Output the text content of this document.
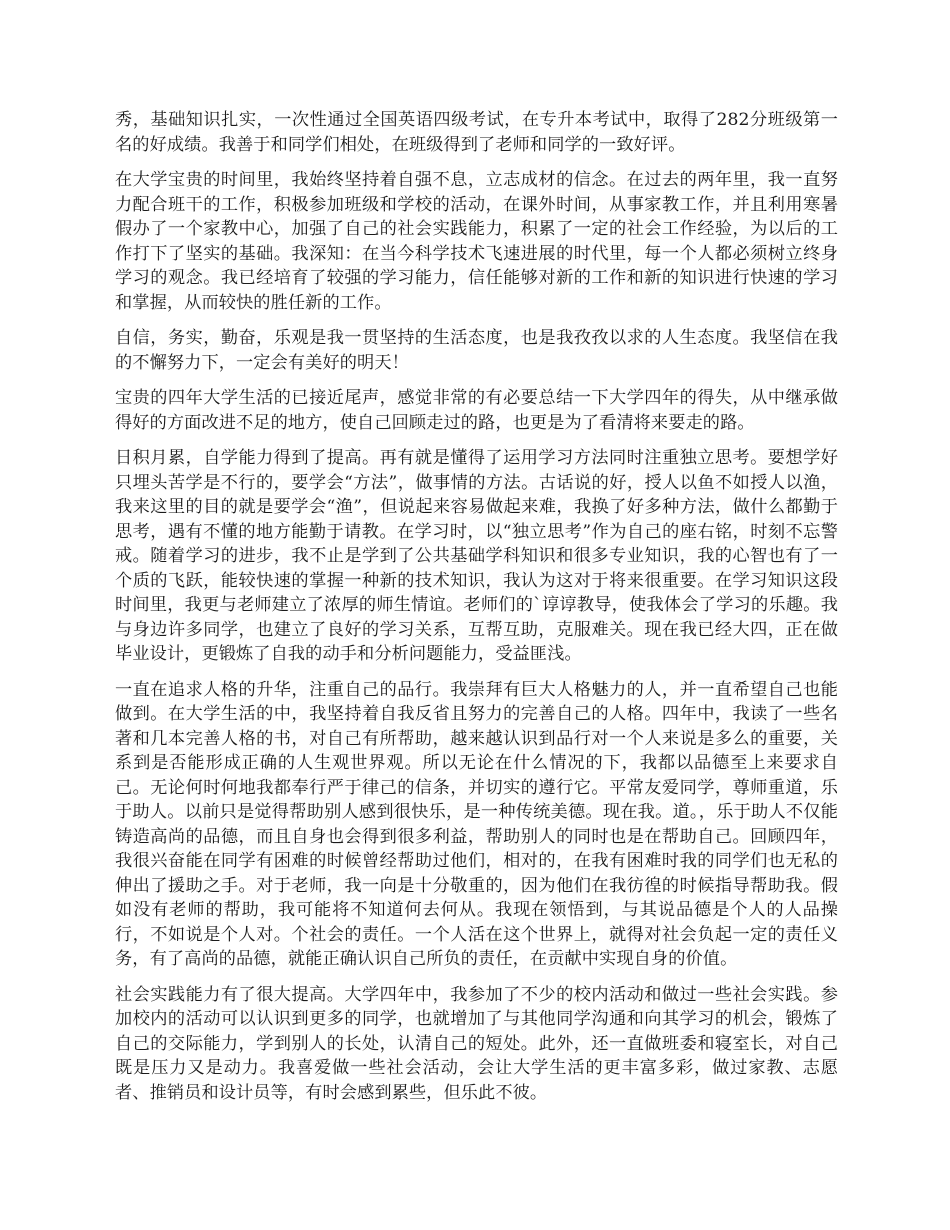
秀，基础知识扎实，一次性通过全国英语四级考试，在专升本考试中，取得了282分班级第一名的好成绩。我善于和同学们相处，在班级得到了老师和同学的一致好评。

在大学宝贵的时间里，我始终坚持着自强不息，立志成材的信念。在过去的两年里，我一直努力配合班干的工作，积极参加班级和学校的活动，在课外时间，从事家教工作，并且利用寒暑假办了一个家教中心，加强了自己的社会实践能力，积累了一定的社会工作经验，为以后的工作打下了坚实的基础。我深知：在当今科学技术飞速进展的时代里，每一个人都必须树立终身学习的观念。我已经培育了较强的学习能力，信任能够对新的工作和新的知识进行快速的学习和掌握，从而较快的胜任新的工作。

自信，务实，勤奋，乐观是我一贯坚持的生活态度，也是我孜孜以求的人生态度。我坚信在我的不懈努力下，一定会有美好的明天！

宝贵的四年大学生活的已接近尾声，感觉非常的有必要总结一下大学四年的得失，从中继承做得好的方面改进不足的地方，使自己回顾走过的路，也更是为了看清将来要走的路。

日积月累，自学能力得到了提高。再有就是懂得了运用学习方法同时注重独立思考。要想学好只埋头苦学是不行的，要学会“方法”，做事情的方法。古话说的好，授人以鱼不如授人以渔，我来这里的目的就是要学会“渔”，但说起来容易做起来难，我换了好多种方法，做什么都勤于思考，遇有不懂的地方能勤于请教。在学习时，以“独立思考”作为自己的座右铭，时刻不忘警戒。随着学习的进步，我不止是学到了公共基础学科知识和很多专业知识，我的心智也有了一个质的飞跃，能较快速的掌握一种新的技术知识，我认为这对于将来很重要。在学习知识这段时间里，我更与老师建立了浓厚的师生情谊。老师们的`谆谆教导，使我体会了学习的乐趣。我与身边许多同学，也建立了良好的学习关系，互帮互助，克服难关。现在我已经大四，正在做毕业设计，更锻炼了自我的动手和分析问题能力，受益匪浅。

一直在追求人格的升华，注重自己的品行。我崇拜有巨大人格魅力的人，并一直希望自己也能做到。在大学生活的中，我坚持着自我反省且努力的完善自己的人格。四年中，我读了一些名著和几本完善人格的书，对自己有所帮助，越来越认识到品行对一个人来说是多么的重要，关系到是否能形成正确的人生观世界观。所以无论在什么情况的下，我都以品德至上来要求自己。无论何时何地我都奉行严于律己的信条，并切实的遵行它。平常友爱同学，尊师重道，乐于助人。以前只是觉得帮助别人感到很快乐，是一种传统美德。现在我。道。，乐于助人不仅能铸造高尚的品德，而且自身也会得到很多利益，帮助别人的同时也是在帮助自己。回顾四年，我很兴奋能在同学有困难的时候曾经帮助过他们，相对的，在我有困难时我的同学们也无私的伸出了援助之手。对于老师，我一向是十分敬重的，因为他们在我彷徨的时候指导帮助我。假如没有老师的帮助，我可能将不知道何去何从。我现在领悟到，与其说品德是个人的人品操行，不如说是个人对。个社会的责任。一个人活在这个世界上，就得对社会负起一定的责任义务，有了高尚的品德，就能正确认识自己所负的责任，在贡献中实现自身的价值。

社会实践能力有了很大提高。大学四年中，我参加了不少的校内活动和做过一些社会实践。参加校内的活动可以认识到更多的同学，也就增加了与其他同学沟通和向其学习的机会，锻炼了自己的交际能力，学到别人的长处，认清自己的短处。此外，还一直做班委和寝室长，对自己既是压力又是动力。我喜爱做一些社会活动，会让大学生活的更丰富多彩，做过家教、志愿者、推销员和设计员等，有时会感到累些，但乐此不彼。
